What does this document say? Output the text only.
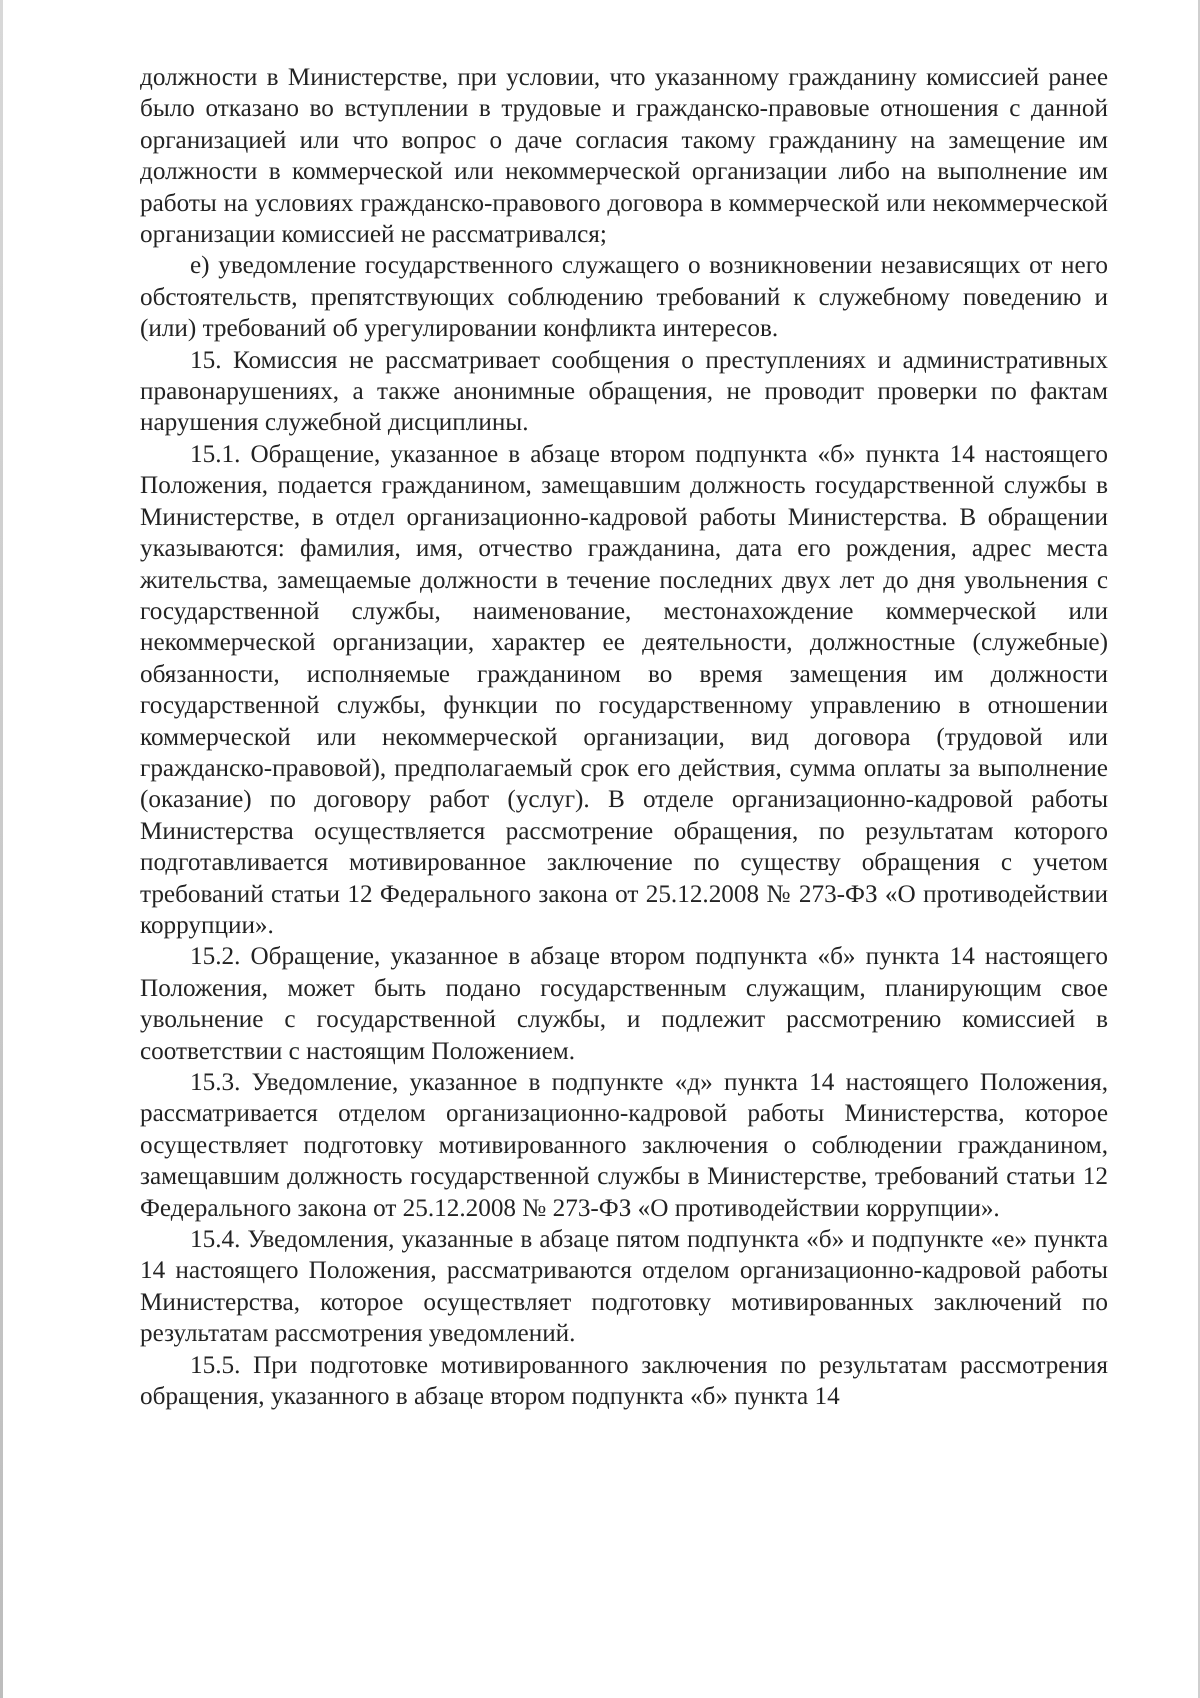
должности в Министерстве, при условии, что указанному гражданину комиссией ранее было отказано во вступлении в трудовые и гражданско-правовые отношения с данной организацией или что вопрос о даче согласия такому гражданину на замещение им должности в коммерческой или некоммерческой организации либо на выполнение им работы на условиях гражданско-правового договора в коммерческой или некоммерческой организации комиссией не рассматривался;

е) уведомление государственного служащего о возникновении независящих от него обстоятельств, препятствующих соблюдению требований к служебному поведению и (или) требований об урегулировании конфликта интересов.

15. Комиссия не рассматривает сообщения о преступлениях и административных правонарушениях, а также анонимные обращения, не проводит проверки по фактам нарушения служебной дисциплины.

15.1. Обращение, указанное в абзаце втором подпункта «б» пункта 14 настоящего Положения, подается гражданином, замещавшим должность государственной службы в Министерстве, в отдел организационно-кадровой работы Министерства. В обращении указываются: фамилия, имя, отчество гражданина, дата его рождения, адрес места жительства, замещаемые должности в течение последних двух лет до дня увольнения с государственной службы, наименование, местонахождение коммерческой или некоммерческой организации, характер ее деятельности, должностные (служебные) обязанности, исполняемые гражданином во время замещения им должности государственной службы, функции по государственному управлению в отношении коммерческой или некоммерческой организации, вид договора (трудовой или гражданско-правовой), предполагаемый срок его действия, сумма оплаты за выполнение (оказание) по договору работ (услуг). В отделе организационно-кадровой работы Министерства осуществляется рассмотрение обращения, по результатам которого подготавливается мотивированное заключение по существу обращения с учетом требований статьи 12 Федерального закона от 25.12.2008 № 273-ФЗ «О противодействии коррупции».

15.2. Обращение, указанное в абзаце втором подпункта «б» пункта 14 настоящего Положения, может быть подано государственным служащим, планирующим свое увольнение с государственной службы, и подлежит рассмотрению комиссией в соответствии с настоящим Положением.

15.3. Уведомление, указанное в подпункте «д» пункта 14 настоящего Положения, рассматривается отделом организационно-кадровой работы Министерства, которое осуществляет подготовку мотивированного заключения о соблюдении гражданином, замещавшим должность государственной службы в Министерстве, требований статьи 12 Федерального закона от 25.12.2008 № 273-ФЗ «О противодействии коррупции».

15.4. Уведомления, указанные в абзаце пятом подпункта «б» и подпункте «е» пункта 14 настоящего Положения, рассматриваются отделом организационно-кадровой работы Министерства, которое осуществляет подготовку мотивированных заключений по результатам рассмотрения уведомлений.

15.5. При подготовке мотивированного заключения по результатам рассмотрения обращения, указанного в абзаце втором подпункта «б» пункта 14
